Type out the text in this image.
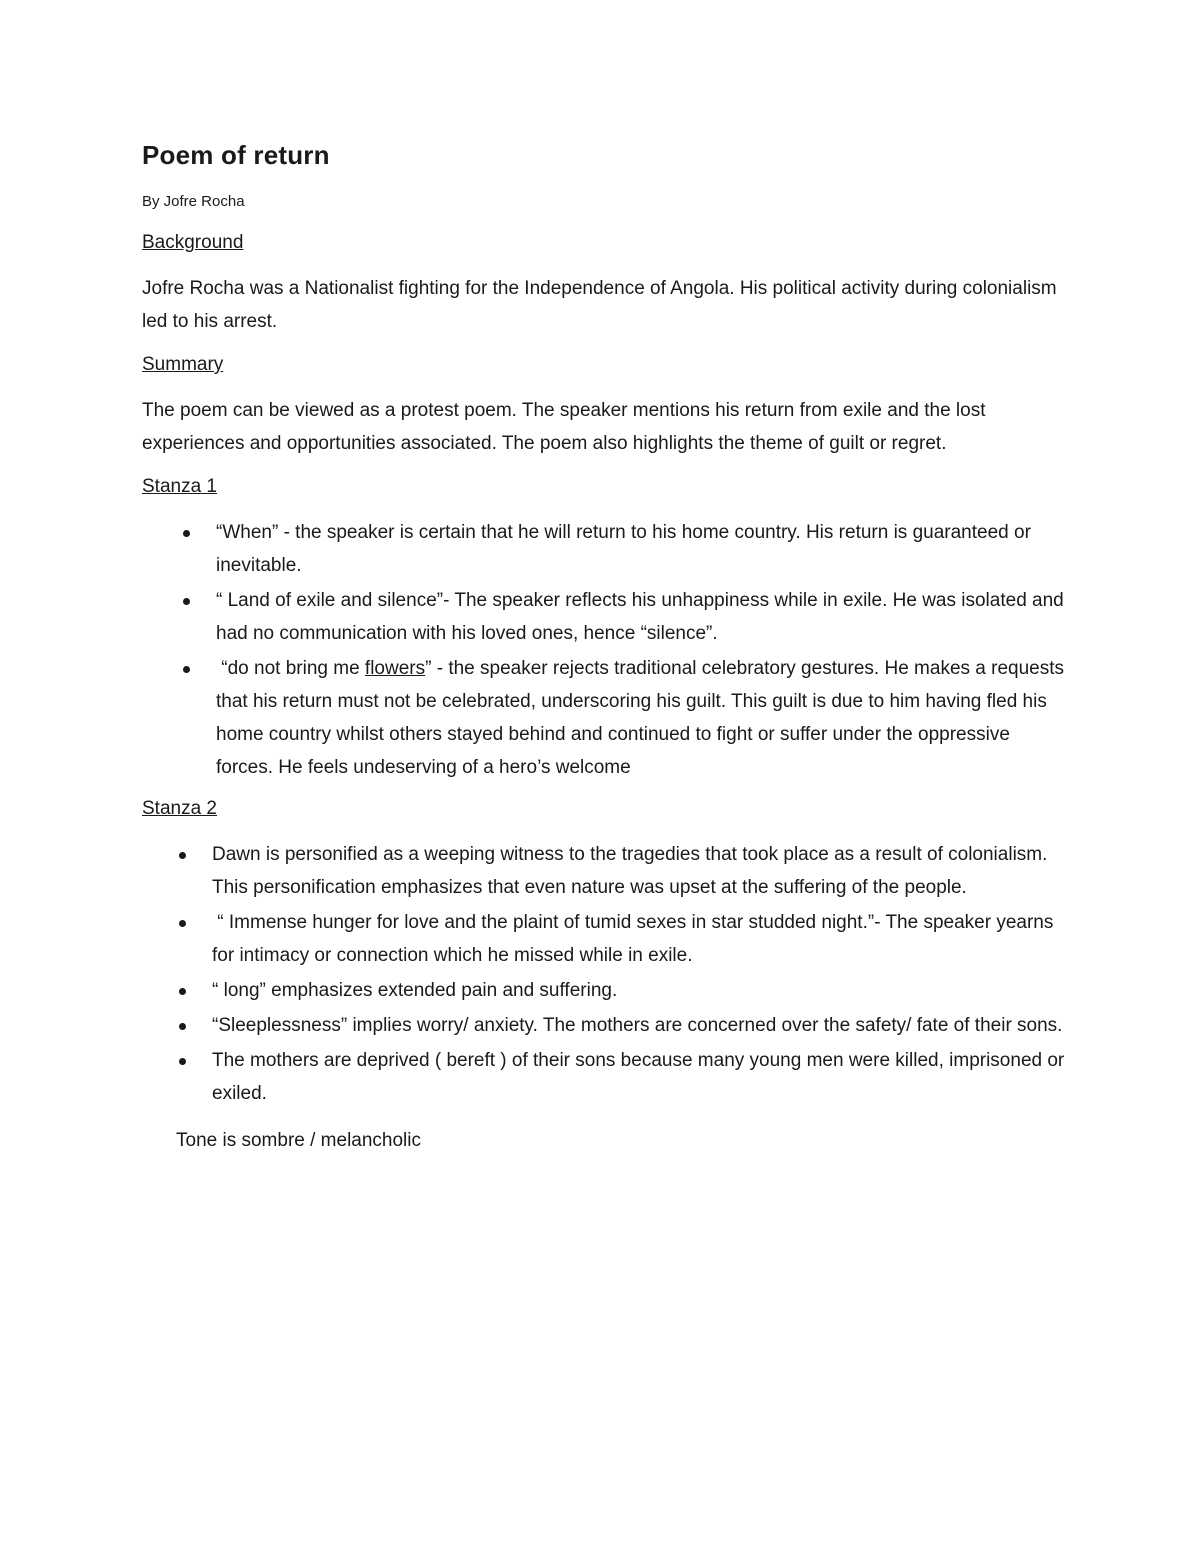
Poem of return
By Jofre Rocha
Background
Jofre Rocha was a Nationalist fighting for the Independence of Angola. His political activity during colonialism led to his arrest.
Summary
The poem can be viewed as a protest poem. The speaker mentions his return from exile and the lost experiences and opportunities associated. The poem also highlights the theme of guilt or regret.
Stanza 1
“When” - the speaker is certain that he will return to his home country. His return is guaranteed or inevitable.
“ Land of exile and silence”- The speaker reflects his unhappiness while in exile. He was isolated and had no communication with his loved ones, hence “silence”.
“do not bring me flowers” - the speaker rejects traditional celebratory gestures. He makes a requests that his return must not be celebrated, underscoring his guilt. This guilt is due to him having fled his home country whilst others stayed behind and continued to fight or suffer under the oppressive forces. He feels undeserving of a hero’s welcome
Stanza 2
Dawn is personified as a weeping witness to the tragedies that took place as a result of colonialism. This personification emphasizes that even nature was upset at the suffering of the people.
“ Immense hunger for love and the plaint of tumid sexes in star studded night.”- The speaker yearns for intimacy or connection which he missed while in exile.
“ long” emphasizes extended pain and suffering.
“Sleeplessness” implies worry/ anxiety. The mothers are concerned over the safety/ fate of their sons.
The mothers are deprived ( bereft ) of their sons because many young men were killed, imprisoned or exiled.
Tone is sombre / melancholic
